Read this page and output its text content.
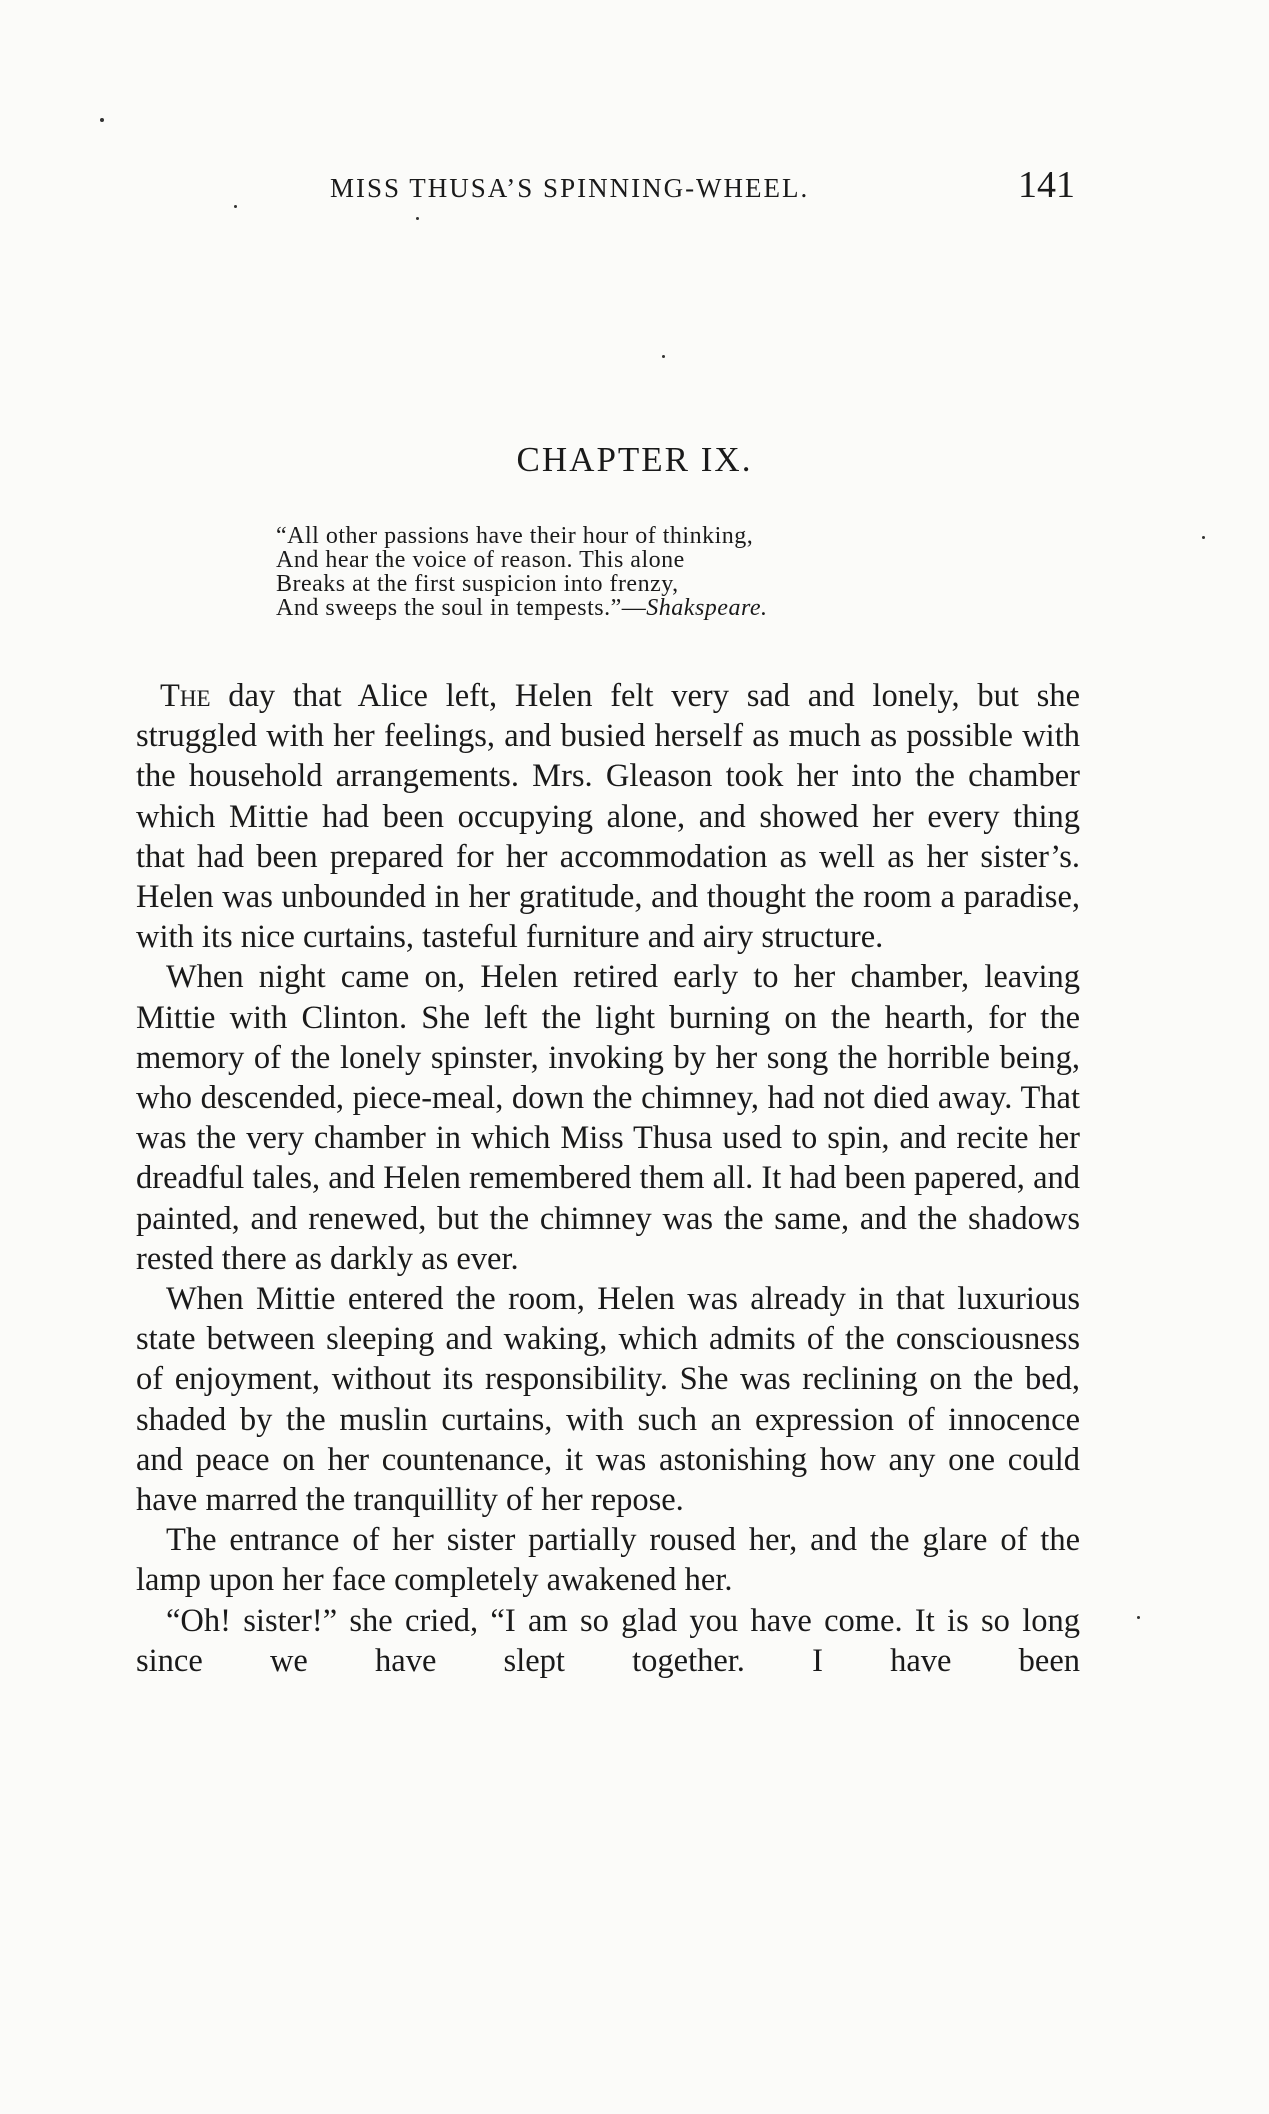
MISS THUSA’S SPINNING-WHEEL.	141
CHAPTER IX.
“All other passions have their hour of thinking,
And hear the voice of reason. This alone
Breaks at the first suspicion into frenzy,
And sweeps the soul in tempests.”—Shakspeare.

The day that Alice left, Helen felt very sad and lonely, but she struggled with her feelings, and busied herself as much as possible with the household arrangements. Mrs. Gleason took her into the chamber which Mittie had been occupying alone, and showed her every thing that had been prepared for her accommodation as well as her sister’s. Helen was unbounded in her gratitude, and thought the room a paradise, with its nice curtains, tasteful furniture and airy structure.

When night came on, Helen retired early to her chamber, leaving Mittie with Clinton. She left the light burning on the hearth, for the memory of the lonely spinster, invoking by her song the horrible being, who descended, piece-meal, down the chimney, had not died away. That was the very chamber in which Miss Thusa used to spin, and recite her dreadful tales, and Helen remembered them all. It had been papered, and painted, and renewed, but the chimney was the same, and the shadows rested there as darkly as ever.

When Mittie entered the room, Helen was already in that luxurious state between sleeping and waking, which admits of the consciousness of enjoyment, without its responsibility. She was reclining on the bed, shaded by the muslin curtains, with such an expression of innocence and peace on her countenance, it was astonishing how any one could have marred the tranquillity of her repose.

The entrance of her sister partially roused her, and the glare of the lamp upon her face completely awakened her.

“Oh! sister!” she cried, “I am so glad you have come. It is so long since we have slept together. I have been
